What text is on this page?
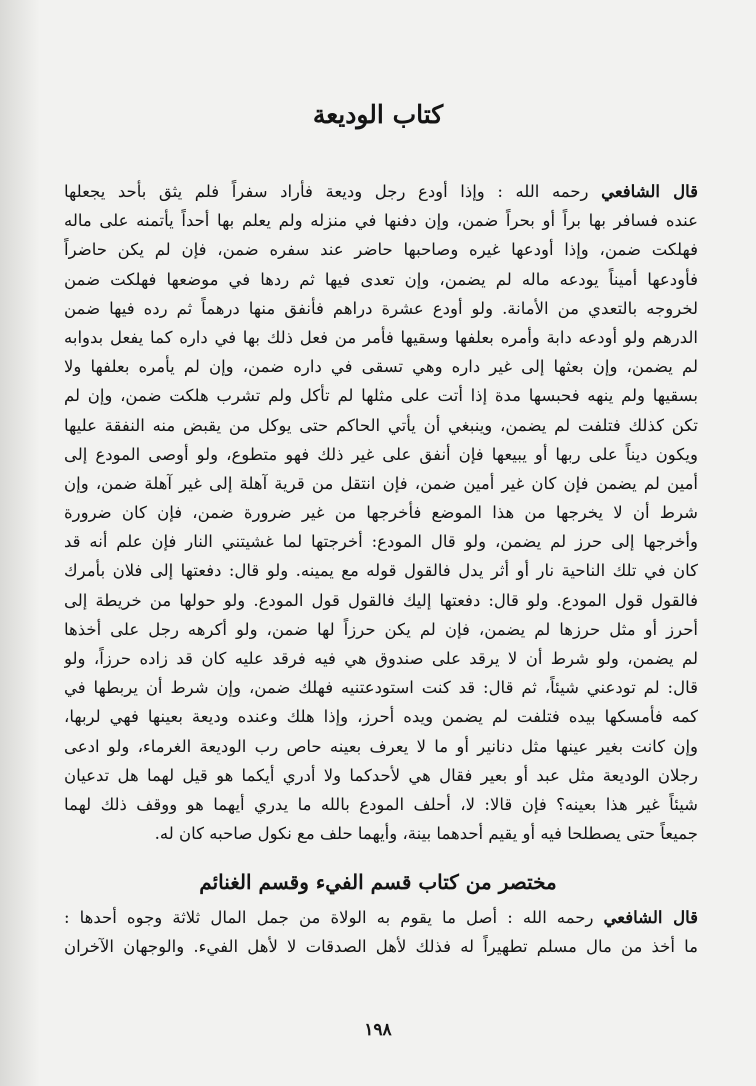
كتاب الوديعة
قال الشافعي رحمه الله : وإذا أودع رجل وديعة فأراد سفراً فلم يثق بأحد يجعلها
عنده فسافر بها براً أو بحراً ضمن، وإن دفنها في منزله ولم يعلم بها أحداً يأتمنه على ماله
فهلكت ضمن، وإذا أودعها غيره وصاحبها حاضر عند سفره ضمن، فإن لم يكن حاضراً
فأودعها أميناً يودعه ماله لم يضمن، وإن تعدى فيها ثم ردها في موضعها فهلكت ضمن
لخروجه بالتعدي من الأمانة. ولو أودع عشرة دراهم فأنفق منها درهماً ثم رده فيها ضمن
الدرهم ولو أودعه دابة وأمره بعلفها وسقيها فأمر من فعل ذلك بها في داره كما يفعل بدوابه
لم يضمن، وإن بعثها إلى غير داره وهي تسقى في داره ضمن، وإن لم يأمره بعلفها ولا
بسقيها ولم ينهه فحبسها مدة إذا أتت على مثلها لم تأكل ولم تشرب هلكت ضمن، وإن لم
تكن كذلك فتلفت لم يضمن، وينبغي أن يأتي الحاكم حتى يوكل من يقبض منه النفقة عليها
ويكون ديناً على ربها أو يبيعها فإن أنفق على غير ذلك فهو متطوع، ولو أوصى المودع إلى
أمين لم يضمن فإن كان غير أمين ضمن، فإن انتقل من قرية آهلة إلى غير آهلة ضمن، وإن
شرط أن لا يخرجها من هذا الموضع فأخرجها من غير ضرورة ضمن، فإن كان ضرورة
وأخرجها إلى حرز لم يضمن، ولو قال المودع: أخرجتها لما غشيتني النار فإن علم أنه قد
كان في تلك الناحية نار أو أثر يدل فالقول قوله مع يمينه. ولو قال: دفعتها إلى فلان بأمرك
فالقول قول المودع. ولو قال: دفعتها إليك فالقول قول المودع. ولو حولها من خريطة إلى
أحرز أو مثل حرزها لم يضمن، فإن لم يكن حرزاً لها ضمن، ولو أكرهه رجل على أخذها
لم يضمن، ولو شرط أن لا يرقد على صندوق هي فيه فرقد عليه كان قد زاده حرزاً، ولو
قال: لم تودعني شيئاً، ثم قال: قد كنت استودعتنيه فهلك ضمن، وإن شرط أن يربطها في
كمه فأمسكها بيده فتلفت لم يضمن ويده أحرز، وإذا هلك وعنده وديعة بعينها فهي لربها،
وإن كانت بغير عينها مثل دنانير أو ما لا يعرف بعينه حاص رب الوديعة الغرماء، ولو ادعى
رجلان الوديعة مثل عبد أو بعير فقال هي لأحدكما ولا أدري أيكما هو قيل لهما هل تدعيان
شيئاً غير هذا بعينه؟ فإن قالا: لا، أحلف المودع بالله ما يدري أيهما هو ووقف ذلك لهما
جميعاً حتى يصطلحا فيه أو يقيم أحدهما بينة، وأيهما حلف مع نكول صاحبه كان له.
مختصر من كتاب قسم الفيء وقسم الغنائم
قال الشافعي رحمه الله : أصل ما يقوم به الولاة من جمل المال ثلاثة وجوه أحدها :
ما أخذ من مال مسلم تطهيراً له فذلك لأهل الصدقات لا لأهل الفيء. والوجهان الآخران
١٩٨
